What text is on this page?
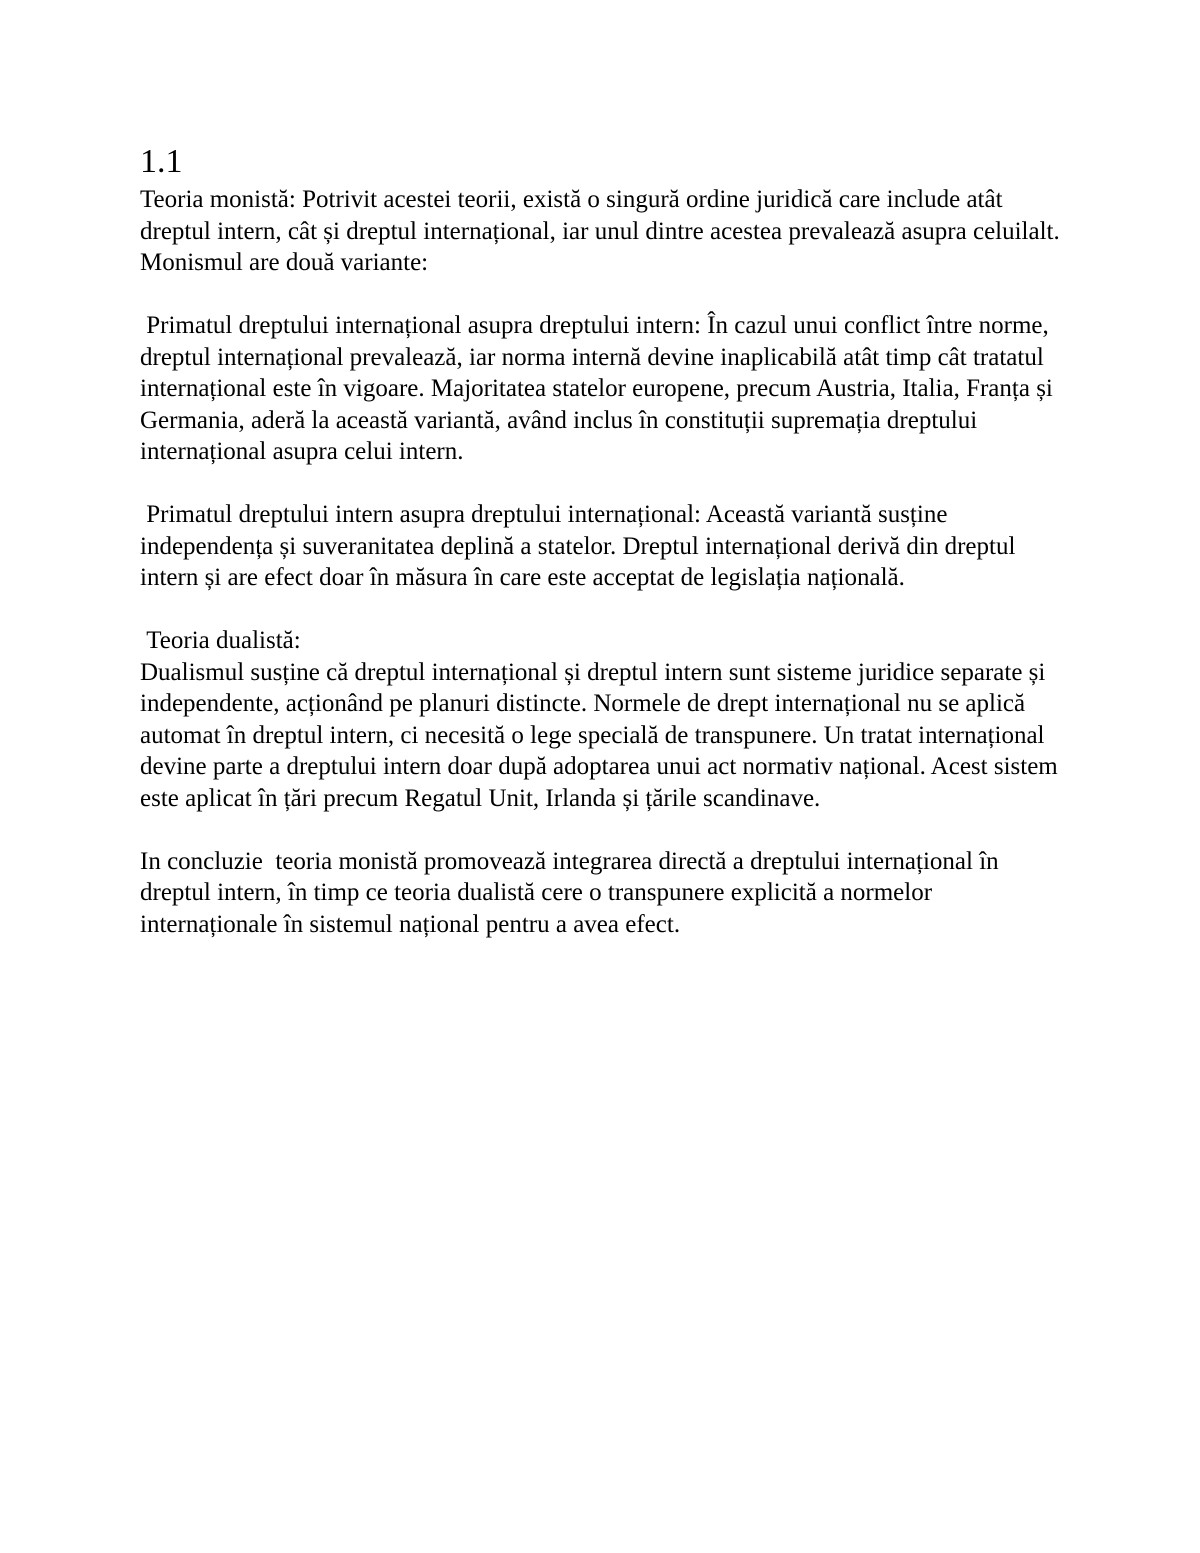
1.1

Teoria monistă: Potrivit acestei teorii, există o singură ordine juridică care include atât dreptul intern, cât și dreptul internațional, iar unul dintre acestea prevalează asupra celuilalt. Monismul are două variante:

Primatul dreptului internațional asupra dreptului intern: În cazul unui conflict între norme, dreptul internațional prevalează, iar norma internă devine inaplicabilă atât timp cât tratatul internațional este în vigoare. Majoritatea statelor europene, precum Austria, Italia, Franța și Germania, aderă la această variantă, având inclus în constituții supremația dreptului internațional asupra celui intern.

Primatul dreptului intern asupra dreptului internațional: Această variantă susține independența și suveranitatea deplină a statelor. Dreptul internațional derivă din dreptul intern și are efect doar în măsura în care este acceptat de legislația națională.

Teoria dualistă:

Dualismul susține că dreptul internațional și dreptul intern sunt sisteme juridice separate și independente, acționând pe planuri distincte. Normele de drept internațional nu se aplică automat în dreptul intern, ci necesită o lege specială de transpunere. Un tratat internațional devine parte a dreptului intern doar după adoptarea unui act normativ național. Acest sistem este aplicat în țări precum Regatul Unit, Irlanda și țările scandinave.

In concluzie  teoria monistă promovează integrarea directă a dreptului internațional în dreptul intern, în timp ce teoria dualistă cere o transpunere explicită a normelor internaționale în sistemul național pentru a avea efect.
